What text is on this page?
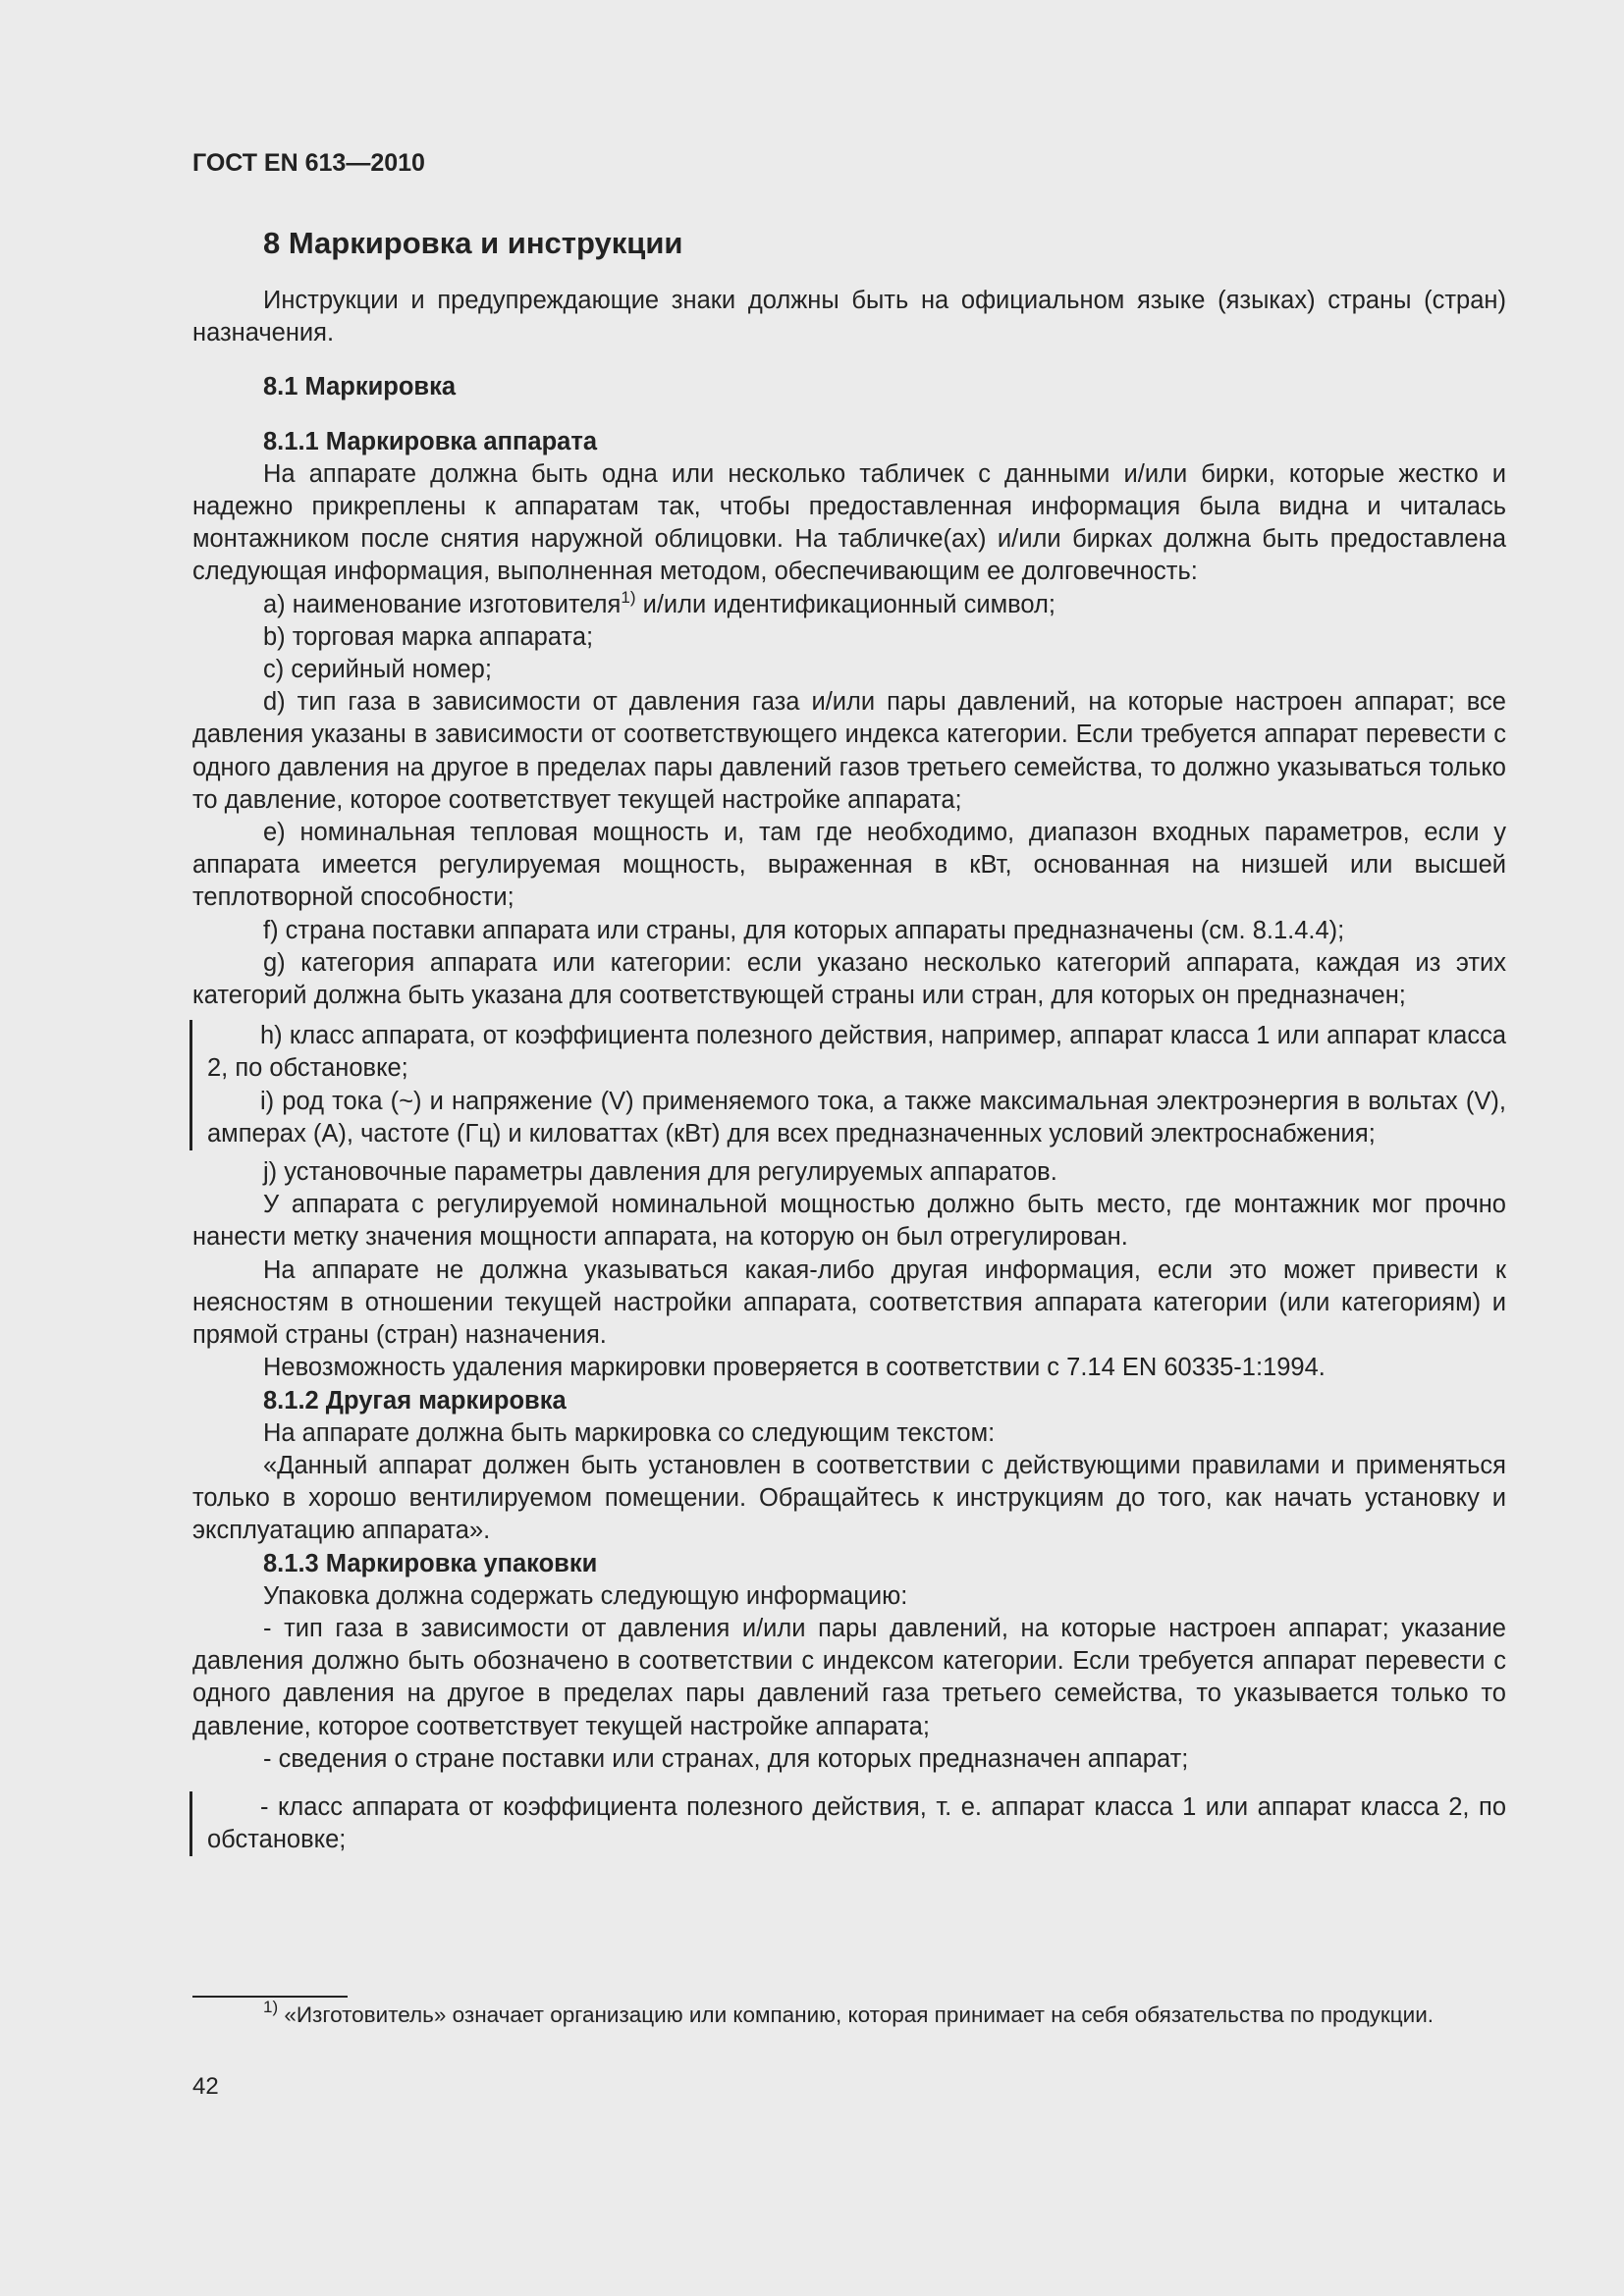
ГОСТ EN 613—2010

8 Маркировка и инструкции

Инструкции и предупреждающие знаки должны быть на официальном языке (языках) страны (стран) назначения.

8.1 Маркировка

8.1.1 Маркировка аппарата

На аппарате должна быть одна или несколько табличек с данными и/или бирки, которые жестко и надежно прикреплены к аппаратам так, чтобы предоставленная информация была видна и читалась монтажником после снятия наружной облицовки. На табличке(ах) и/или бирках должна быть предоставлена следующая информация, выполненная методом, обеспечивающим ее долговечность:

a) наименование изготовителя$^{1)}$ и/или идентификационный символ;

b) торговая марка аппарата;

c) серийный номер;

d) тип газа в зависимости от давления газа и/или пары давлений, на которые настроен аппарат; все давления указаны в зависимости от соответствующего индекса категории. Если требуется аппарат перевести с одного давления на другое в пределах пары давлений газов третьего семейства, то должно указываться только то давление, которое соответствует текущей настройке аппарата;

e) номинальная тепловая мощность и, там где необходимо, диапазон входных параметров, если у аппарата имеется регулируемая мощность, выраженная в кВт, основанная на низшей или высшей теплотворной способности;

f) страна поставки аппарата или страны, для которых аппараты предназначены (см. 8.1.4.4);

g) категория аппарата или категории: если указано несколько категорий аппарата, каждая из этих категорий должна быть указана для соответствующей страны или стран, для которых он предназначен;

h) класс аппарата, от коэффициента полезного действия, например, аппарат класса 1 или аппарат класса 2, по обстановке;

i) род тока (~) и напряжение (V) применяемого тока, а также максимальная электроэнергия в вольтах (V), амперах (A), частоте (Гц) и киловаттах (кВт) для всех предназначенных условий электроснабжения;

j) установочные параметры давления для регулируемых аппаратов.

У аппарата с регулируемой номинальной мощностью должно быть место, где монтажник мог прочно нанести метку значения мощности аппарата, на которую он был отрегулирован.

На аппарате не должна указываться какая-либо другая информация, если это может привести к неясностям в отношении текущей настройки аппарата, соответствия аппарата категории (или категориям) и прямой страны (стран) назначения.

Невозможность удаления маркировки проверяется в соответствии с 7.14 EN 60335-1:1994.

8.1.2 Другая маркировка

На аппарате должна быть маркировка со следующим текстом:

«Данный аппарат должен быть установлен в соответствии с действующими правилами и применяться только в хорошо вентилируемом помещении. Обращайтесь к инструкциям до того, как начать установку и эксплуатацию аппарата».

8.1.3 Маркировка упаковки

Упаковка должна содержать следующую информацию:

- тип газа в зависимости от давления и/или пары давлений, на которые настроен аппарат; указание давления должно быть обозначено в соответствии с индексом категории. Если требуется аппарат перевести с одного давления на другое в пределах пары давлений газа третьего семейства, то указывается только то давление, которое соответствует текущей настройке аппарата;

- сведения о стране поставки или странах, для которых предназначен аппарат;

- класс аппарата от коэффициента полезного действия, т. е. аппарат класса 1 или аппарат класса 2, по обстановке;

$^{1)}$ «Изготовитель» означает организацию или компанию, которая принимает на себя обязательства по продукции.
42
